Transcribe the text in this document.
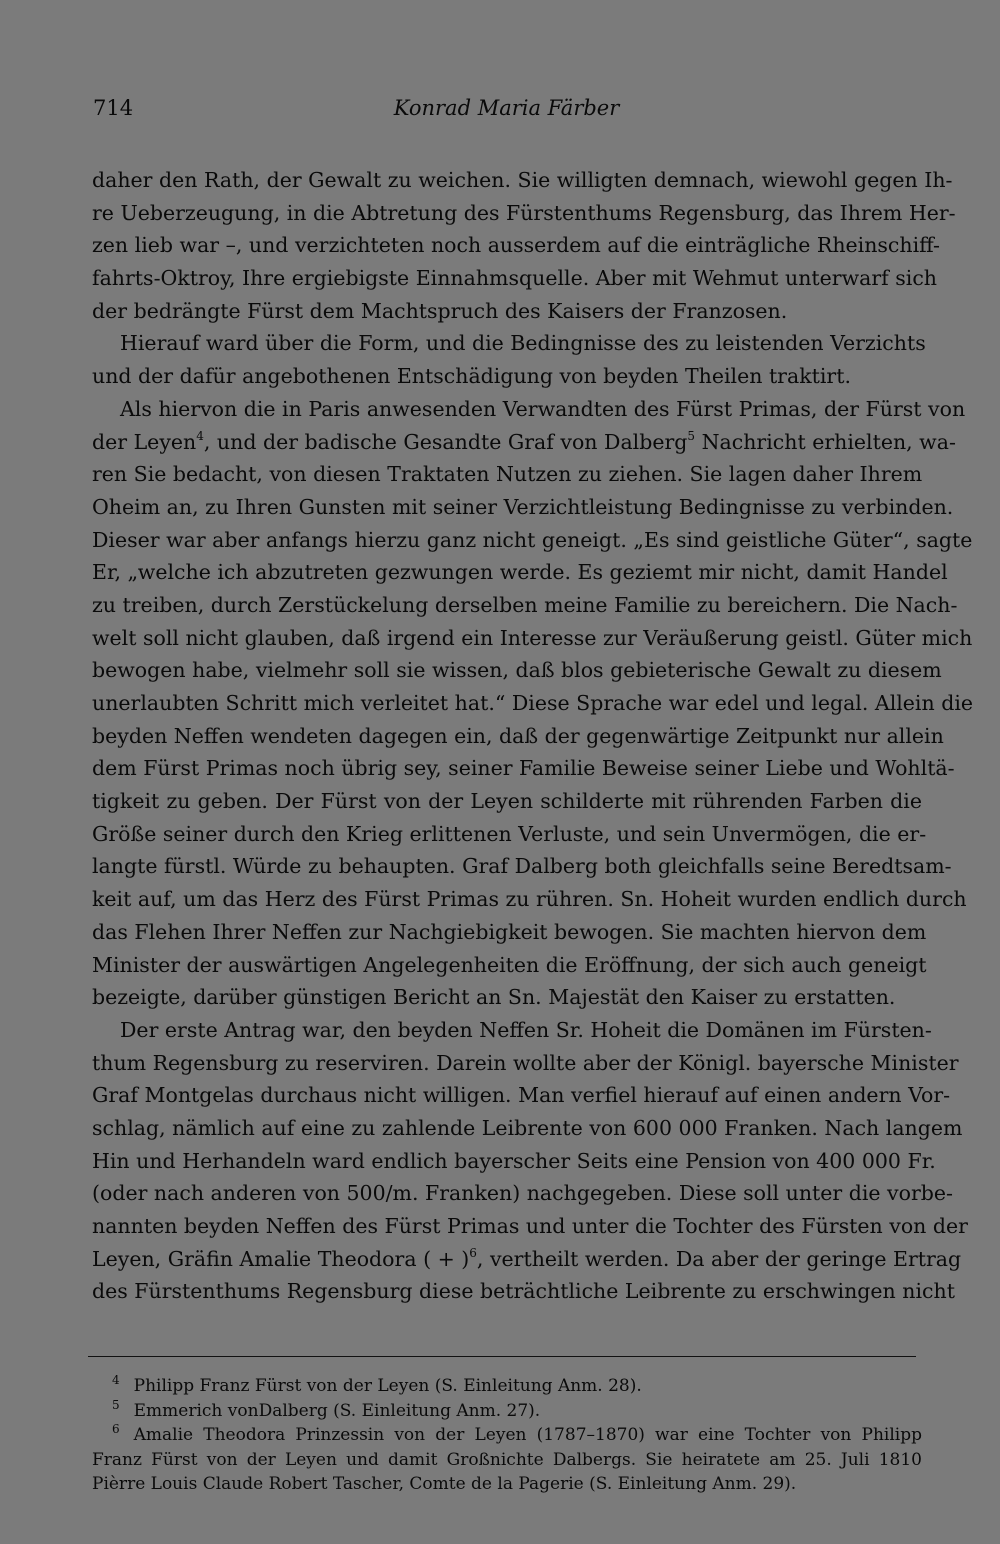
714	Konrad Maria Färber
daher den Rath, der Gewalt zu weichen. Sie willigten demnach, wiewohl gegen Ih-
re Ueberzeugung, in die Abtretung des Fürstenthums Regensburg, das Ihrem Her-
zen lieb war –, und verzichteten noch ausserdem auf die einträgliche Rheinschiff-
fahrts-Oktroy, Ihre ergiebigste Einnahmsquelle. Aber mit Wehmut unterwarf sich
der bedrängte Fürst dem Machtspruch des Kaisers der Franzosen.
Hierauf ward über die Form, und die Bedingnisse des zu leistenden Verzichts
und der dafür angebothenen Entschädigung von beyden Theilen traktirt.
Als hiervon die in Paris anwesenden Verwandten des Fürst Primas, der Fürst von
der Leyen$^4$, und der badische Gesandte Graf von Dalberg$^5$ Nachricht erhielten, wa-
ren Sie bedacht, von diesen Traktaten Nutzen zu ziehen. Sie lagen daher Ihrem
Oheim an, zu Ihren Gunsten mit seiner Verzichtleistung Bedingnisse zu verbinden.
Dieser war aber anfangs hierzu ganz nicht geneigt. „Es sind geistliche Güter“, sagte
Er, „welche ich abzutreten gezwungen werde. Es geziemt mir nicht, damit Handel
zu treiben, durch Zerstückelung derselben meine Familie zu bereichern. Die Nach-
welt soll nicht glauben, daß irgend ein Interesse zur Veräußerung geistl. Güter mich
bewogen habe, vielmehr soll sie wissen, daß blos gebieterische Gewalt zu diesem
unerlaubten Schritt mich verleitet hat.“ Diese Sprache war edel und legal. Allein die
beyden Neffen wendeten dagegen ein, daß der gegenwärtige Zeitpunkt nur allein
dem Fürst Primas noch übrig sey, seiner Familie Beweise seiner Liebe und Wohltä-
tigkeit zu geben. Der Fürst von der Leyen schilderte mit rührenden Farben die
Größe seiner durch den Krieg erlittenen Verluste, und sein Unvermögen, die er-
langte fürstl. Würde zu behaupten. Graf Dalberg both gleichfalls seine Beredtsam-
keit auf, um das Herz des Fürst Primas zu rühren. Sn. Hoheit wurden endlich durch
das Flehen Ihrer Neffen zur Nachgiebigkeit bewogen. Sie machten hiervon dem
Minister der auswärtigen Angelegenheiten die Eröffnung, der sich auch geneigt
bezeigte, darüber günstigen Bericht an Sn. Majestät den Kaiser zu erstatten.
Der erste Antrag war, den beyden Neffen Sr. Hoheit die Domänen im Fürsten-
thum Regensburg zu reserviren. Darein wollte aber der Königl. bayersche Minister
Graf Montgelas durchaus nicht willigen. Man verfiel hierauf auf einen andern Vor-
schlag, nämlich auf eine zu zahlende Leibrente von 600 000 Franken. Nach langem
Hin und Herhandeln ward endlich bayerscher Seits eine Pension von 400 000 Fr.
(oder nach anderen von 500/m. Franken) nachgegeben. Diese soll unter die vorbe-
nannten beyden Neffen des Fürst Primas und unter die Tochter des Fürsten von der
Leyen, Gräfin Amalie Theodora ( + )$^6$, vertheilt werden. Da aber der geringe Ertrag
des Fürstenthums Regensburg diese beträchtliche Leibrente zu erschwingen nicht
$^4$ Philipp Franz Fürst von der Leyen (S. Einleitung Anm. 28).
$^5$ Emmerich vonDalberg (S. Einleitung Anm. 27).
$^6$ Amalie Theodora Prinzessin von der Leyen (1787–1870) war eine Tochter von Philipp
Franz Fürst von der Leyen und damit Großnichte Dalbergs. Sie heiratete am 25. Juli 1810
Pièrre Louis Claude Robert Tascher, Comte de la Pagerie (S. Einleitung Anm. 29).
